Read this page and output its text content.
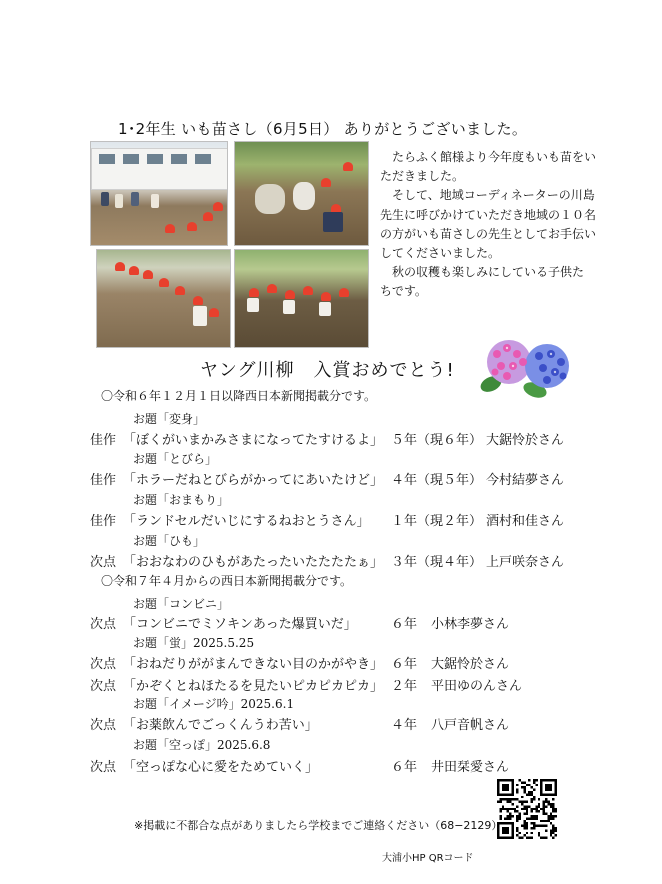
1･2年生 いも苗さし（6月5日） ありがとうございました。

たらふく館様より今年度もいも苗をいただきました。

そして、地域コーディネーターの川島先生に呼びかけていただき地域の１０名の方がいも苗さしの先生としてお手伝いしてくださいました。

秋の収穫も楽しみにしている子供たちです。

ヤング川柳　入賞おめでとう!
〇令和６年１２月１日以降西日本新聞掲載分です。
お題「変身」
佳作 「ぼくがいまかみさまになってたすけるよ」 ５年（現６年） 大鋸怜於さん
お題「とびら」
佳作 「ホラーだねとびらがかってにあいたけど」 ４年（現５年） 今村結夢さん
お題「おまもり」
佳作 「ランドセルだいじにするねおとうさん」 １年（現２年） 酒村和佳さん
お題「ひも」
次点 「おおなわのひもがあたったいたたたたぁ」 ３年（現４年） 上戸咲奈さん
〇令和７年４月からの西日本新聞掲載分です。
お題「コンビニ」
次点 「コンビニでミソキンあった爆買いだ」	６年 小林李夢さん
お題「蛍」2025.5.25
次点 「おねだりががまんできない目のかがやき」 ６年 大鋸怜於さん
次点 「かぞくとねほたるを見たいピカピカピカ」 ２年 平田ゆのんさん
お題「イメージ吟」2025.6.1
次点 「お薬飲んでごっくんうわ苦い」	４年 八戸音帆さん
お題「空っぽ」2025.6.8
次点 「空っぽな心に愛をためていく」	６年 井田栞愛さん
※掲載に不都合な点がありましたら学校までご連絡ください（68−2129）
大浦小HP QRコード
